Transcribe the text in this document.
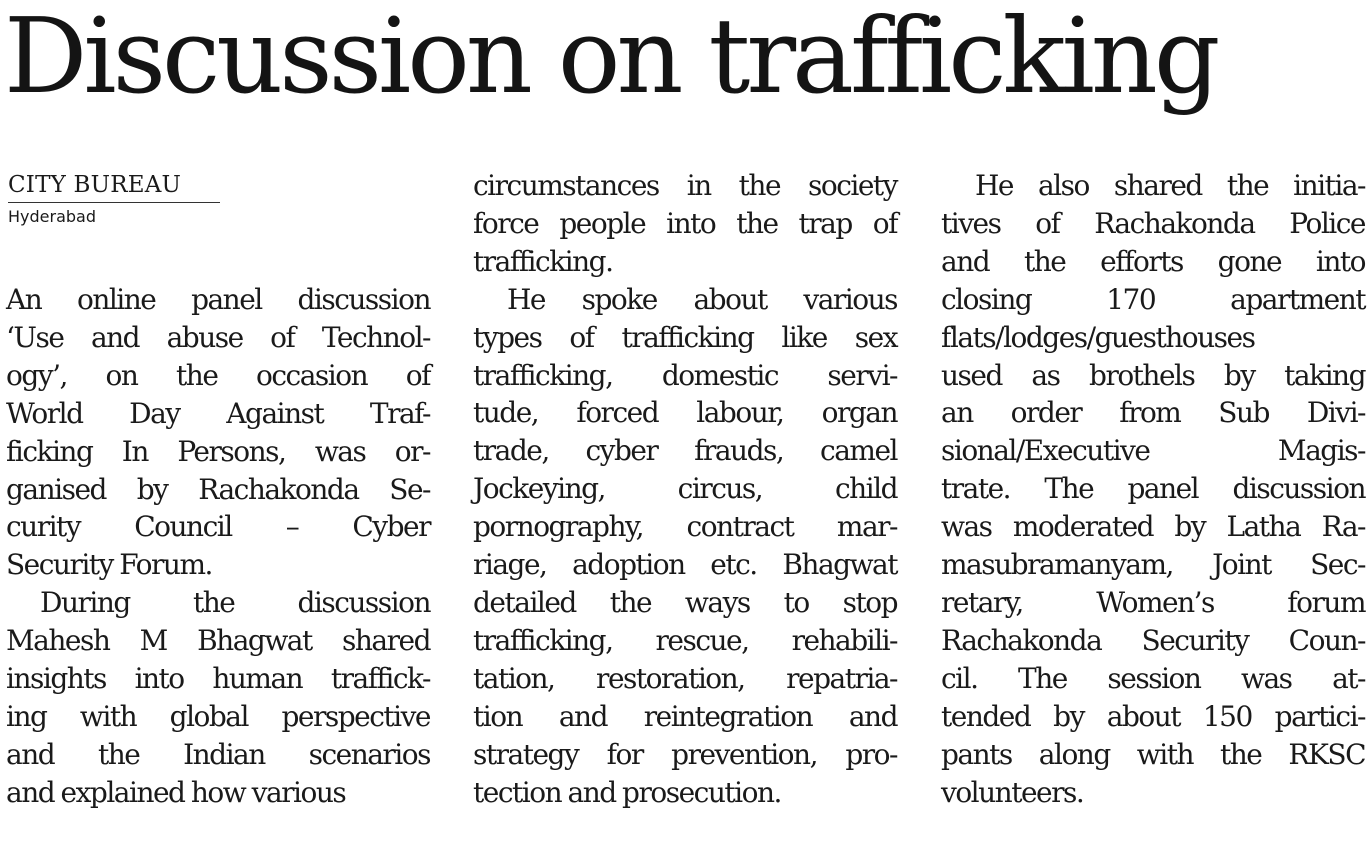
Discussion on trafficking
CITY BUREAU
Hyderabad

An online panel discussion

‘Use and abuse of Technol-

ogy’, on the occasion of

World Day Against Traf-

ficking In Persons, was or-

ganised by Rachakonda Se-

curity Council – Cyber

Security Forum.

During the discussion

Mahesh M Bhagwat shared

insights into human traffick-

ing with global perspective

and the Indian scenarios

and explained how various

circumstances in the society

force people into the trap of

trafficking.

He spoke about various

types of trafficking like sex

trafficking, domestic servi-

tude, forced labour, organ

trade, cyber frauds, camel

Jockeying, circus, child

pornography, contract mar-

riage, adoption etc. Bhagwat

detailed the ways to stop

trafficking, rescue, rehabili-

tation, restoration, repatria-

tion and reintegration and

strategy for prevention, pro-

tection and prosecution.

He also shared the initia-

tives of Rachakonda Police

and the efforts gone into

closing 170 apartment

flats/lodges/guesthouses

used as brothels by taking

an order from Sub Divi-

sional/Executive Magis-

trate. The panel discussion

was moderated by Latha Ra-

masubramanyam, Joint Sec-

retary, Women’s forum

Rachakonda Security Coun-

cil. The session was at-

tended by about 150 partici-

pants along with the RKSC

volunteers.
